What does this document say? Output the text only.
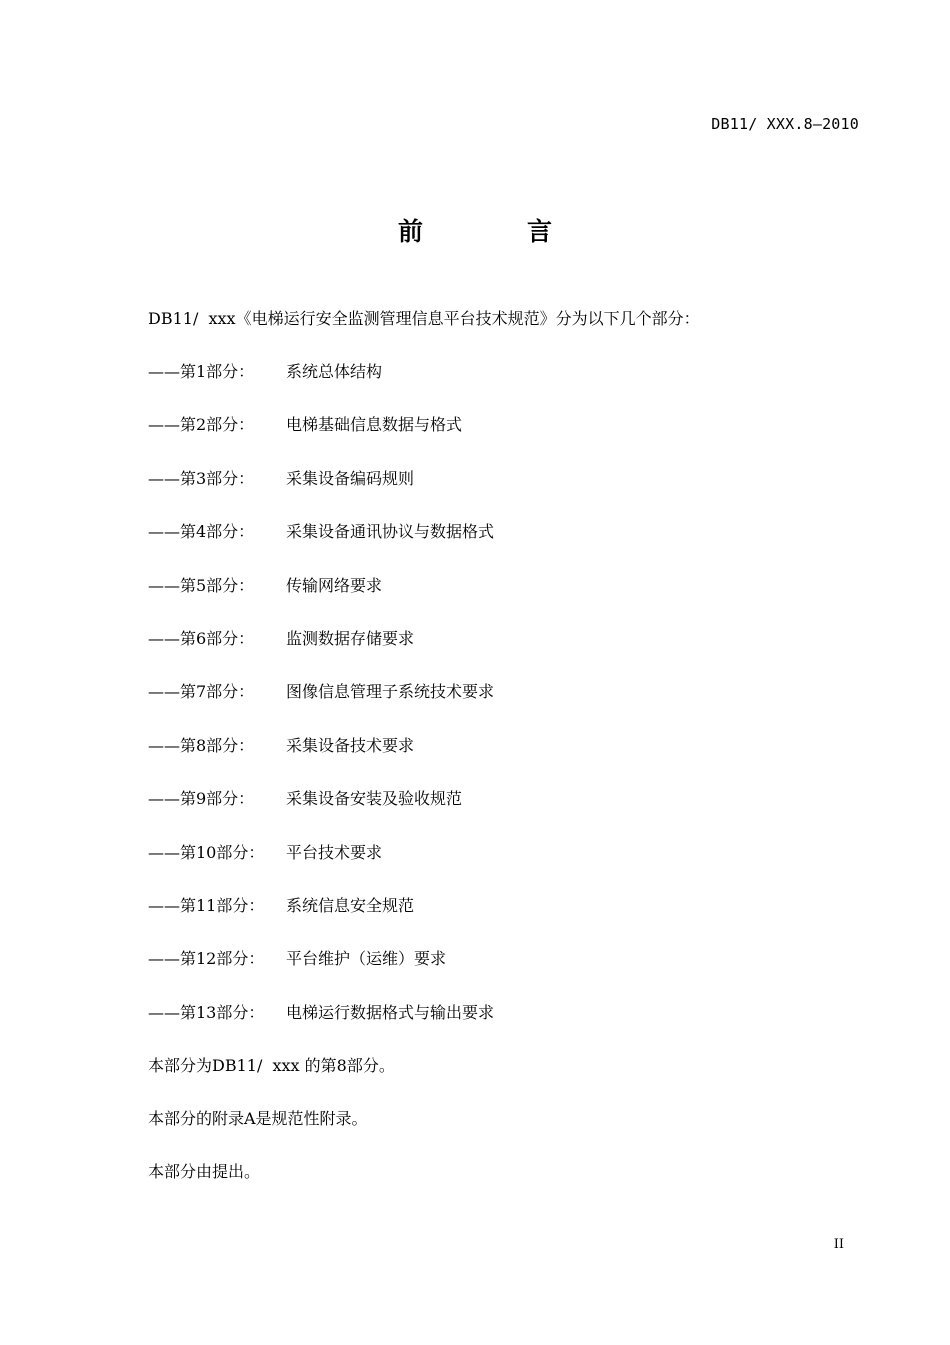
DB11/ XXX.8—2010
前	言
DB11/  xxx《电梯运行安全监测管理信息平台技术规范》分为以下几个部分：
——第1部分： 系统总体结构
——第2部分： 电梯基础信息数据与格式
——第3部分： 采集设备编码规则
——第4部分： 采集设备通讯协议与数据格式
——第5部分： 传输网络要求
——第6部分： 监测数据存储要求
——第7部分： 图像信息管理子系统技术要求
——第8部分： 采集设备技术要求
——第9部分： 采集设备安装及验收规范
——第10部分： 平台技术要求
——第11部分： 系统信息安全规范
——第12部分： 平台维护（运维）要求
——第13部分： 电梯运行数据格式与输出要求
本部分为DB11/  xxx 的第8部分。
本部分的附录A是规范性附录。
本部分由提出。
II
